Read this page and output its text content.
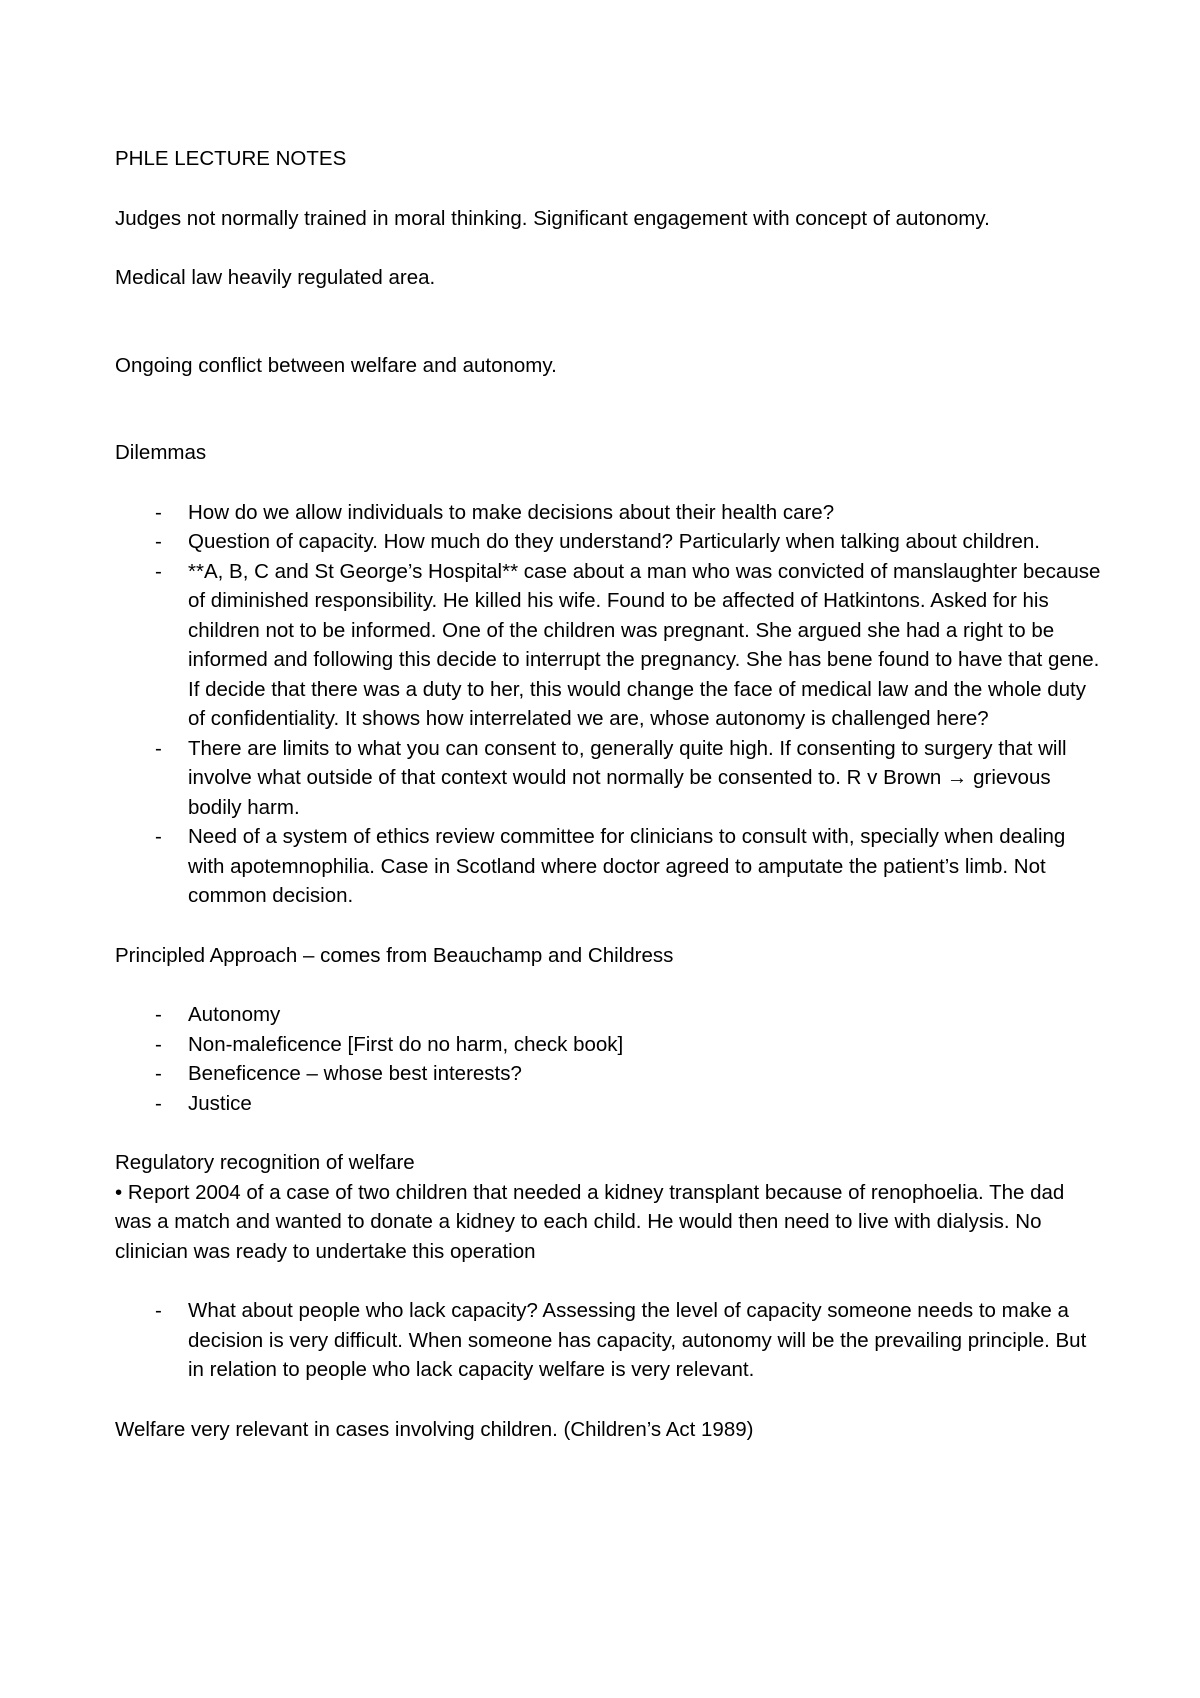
PHLE LECTURE NOTES

Judges not normally trained in moral thinking. Significant engagement with concept of autonomy.

Medical law heavily regulated area.

Ongoing conflict between welfare and autonomy.

Dilemmas

- How do we allow individuals to make decisions about their health care?
- Question of capacity. How much do they understand? Particularly when talking about children.
- **A, B, C and St George’s Hospital** case about a man who was convicted of manslaughter because of diminished responsibility. He killed his wife. Found to be affected of Hatkintons. Asked for his children not to be informed. One of the children was pregnant. She argued she had a right to be informed and following this decide to interrupt the pregnancy. She has bene found to have that gene. If decide that there was a duty to her, this would change the face of medical law and the whole duty of confidentiality. It shows how interrelated we are, whose autonomy is challenged here?
- There are limits to what you can consent to, generally quite high. If consenting to surgery that will involve what outside of that context would not normally be consented to. R v Brown → grievous bodily harm.
- Need of a system of ethics review committee for clinicians to consult with, specially when dealing with apotemnophilia. Case in Scotland where doctor agreed to amputate the patient’s limb. Not common decision.

Principled Approach – comes from Beauchamp and Childress

- Autonomy
- Non-maleficence [First do no harm, check book]
- Beneficence – whose best interests?
- Justice

Regulatory recognition of welfare

• Report 2004 of a case of two children that needed a kidney transplant because of renophoelia. The dad was a match and wanted to donate a kidney to each child. He would then need to live with dialysis. No clinician was ready to undertake this operation

- What about people who lack capacity? Assessing the level of capacity someone needs to make a decision is very difficult. When someone has capacity, autonomy will be the prevailing principle. But in relation to people who lack capacity welfare is very relevant.

Welfare very relevant in cases involving children. (Children’s Act 1989)
